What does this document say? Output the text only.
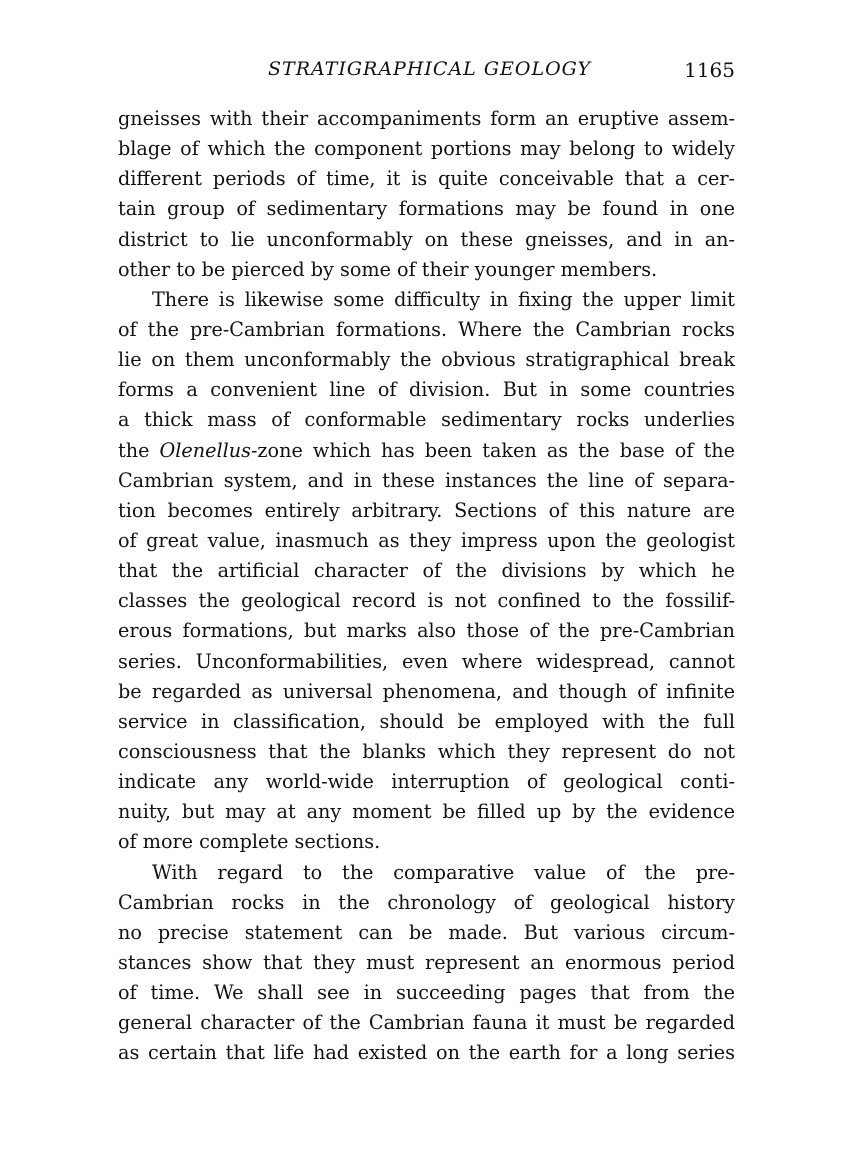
STRATIGRAPHICAL GEOLOGY	1165
gneisses with their accompaniments form an eruptive assem-
blage of which the component portions may belong to widely
different periods of time, it is quite conceivable that a cer-
tain group of sedimentary formations may be found in one
district to lie unconformably on these gneisses, and in an-
other to be pierced by some of their younger members.
There is likewise some difficulty in fixing the upper limit
of the pre-Cambrian formations. Where the Cambrian rocks
lie on them unconformably the obvious stratigraphical break
forms a convenient line of division. But in some countries
a thick mass of conformable sedimentary rocks underlies
the Olenellus-zone which has been taken as the base of the
Cambrian system, and in these instances the line of separa-
tion becomes entirely arbitrary. Sections of this nature are
of great value, inasmuch as they impress upon the geologist
that the artificial character of the divisions by which he
classes the geological record is not confined to the fossilif-
erous formations, but marks also those of the pre-Cambrian
series. Unconformabilities, even where widespread, cannot
be regarded as universal phenomena, and though of infinite
service in classification, should be employed with the full
consciousness that the blanks which they represent do not
indicate any world-wide interruption of geological conti-
nuity, but may at any moment be filled up by the evidence
of more complete sections.
With regard to the comparative value of the pre-
Cambrian rocks in the chronology of geological history
no precise statement can be made. But various circum-
stances show that they must represent an enormous period
of time. We shall see in succeeding pages that from the
general character of the Cambrian fauna it must be regarded
as certain that life had existed on the earth for a long series
